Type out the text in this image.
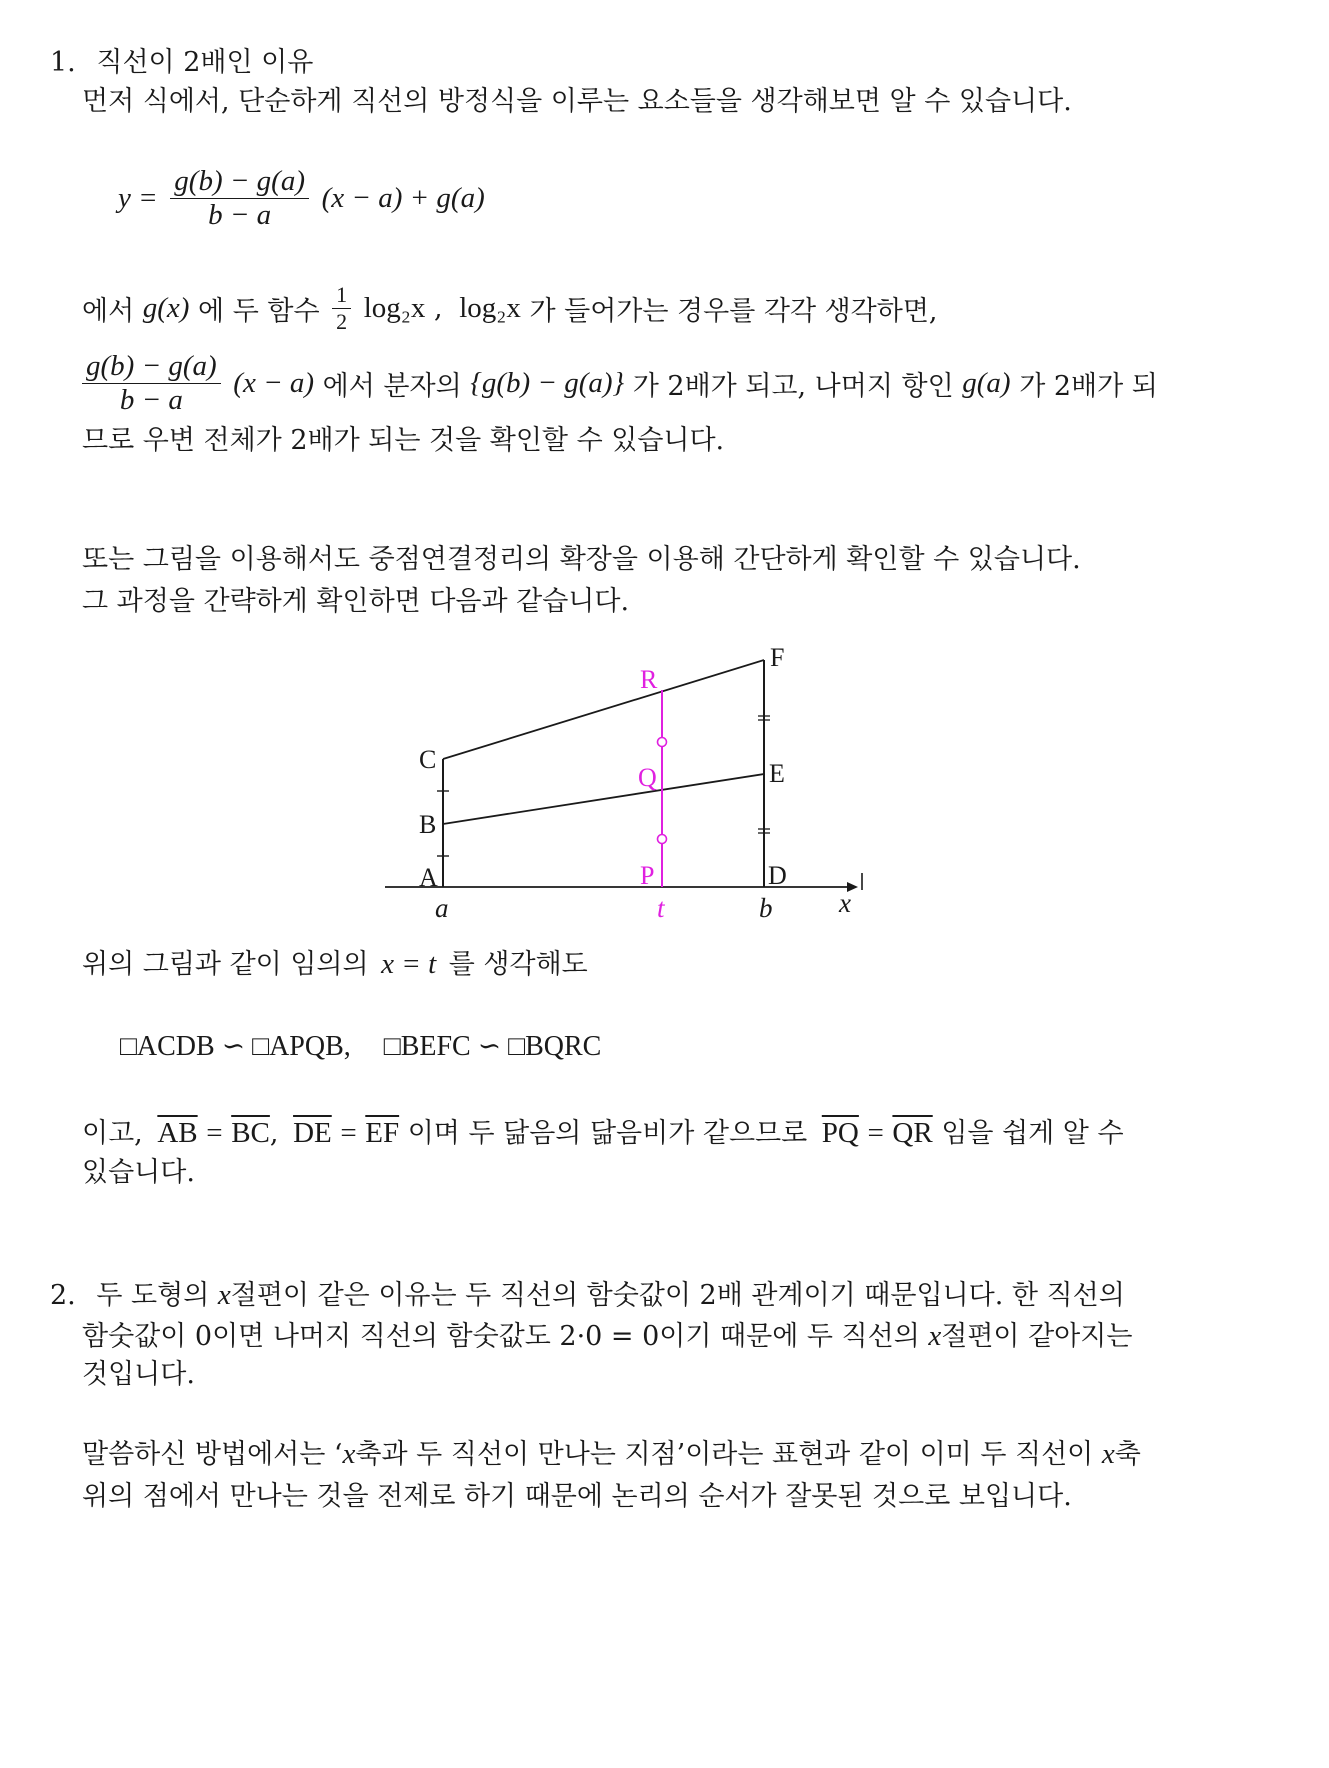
1. 직선이 2배인 이유
먼저 식에서, 단순하게 직선의 방정식을 이루는 요소들을 생각해보면 알 수 있습니다.
$y = \frac{g(b) - g(a)}{b - a} (x - a) + g(a)$
에서 g(x) 에 두 함수 $\frac{1}{2} \log_2x$ , log₂x 가 들어가는 경우를 각각 생각하면,
$\frac{g(b) - g(a)}{b - a} (x - a)$ 에서 분자의 {g(b) − g(a)} 가 2배가 되고, 나머지 항인 g(a) 가 2배가 되
므로 우변 전체가 2배가 되는 것을 확인할 수 있습니다.
또는 그림을 이용해서도 중점연결정리의 확장을 이용해 간단하게 확인할 수 있습니다.
그 과정을 간략하게 확인하면 다음과 같습니다.
R
F
C
Q	E
B
A	P	D
a	t	b x
위의 그림과 같이 임의의 x = t 를 생각해도
□ACDB ∽ □APQB, □BEFC ∽ □BQRC
이고, $\overline{AB} = \overline{BC}$, $\overline{DE} = \overline{EF}$ 이며 두 닮음의 닮음비가 같으므로 $\overline{PQ} = \overline{QR}$ 임을 쉽게 알 수
있습니다.
2. 두 도형의 x절편이 같은 이유는 두 직선의 함숫값이 2배 관계이기 때문입니다. 한 직선의
함숫값이 0이면 나머지 직선의 함숫값도 2·0 = 0이기 때문에 두 직선의 x절편이 같아지는
것입니다.
말씀하신 방법에서는 ‘x축과 두 직선이 만나는 지점’이라는 표현과 같이 이미 두 직선이 x축
위의 점에서 만나는 것을 전제로 하기 때문에 논리의 순서가 잘못된 것으로 보입니다.
